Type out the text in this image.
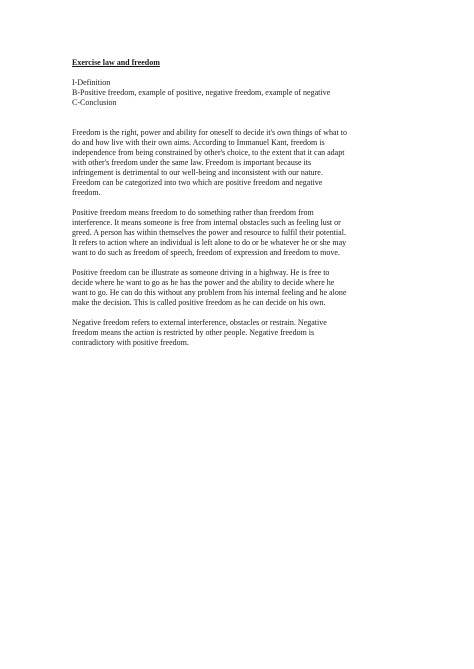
Exercise law and freedom
I-Definition
B-Positive freedom, example of positive, negative freedom, example of negative
C-Conclusion
Freedom is the right, power and ability for oneself to decide it's own things of what to
do and how live with their own aims. According to Immanuel Kant, freedom is
independence from being constrained by other's choice, to the extent that it can adapt
with other's freedom under the same law. Freedom is important because its
infringement is detrimental to our well-being and inconsistent with our nature.
Freedom can be categorized into two which are positive freedom and negative
freedom.
Positive freedom means freedom to do something rather than freedom from
interference. It means someone is free from internal obstacles such as feeling lust or
greed. A person has within themselves the power and resource to fulfil their potential.
It refers to action where an individual is left alone to do or be whatever he or she may
want to do such as freedom of speech, freedom of expression and freedom to move.
Positive freedom can be illustrate as someone driving in a highway. He is free to
decide where he want to go as he has the power and the ability to decide where he
want to go. He can do this without any problem from his internal feeling and he alone
make the decision. This is called positive freedom as he can decide on his own.
Negative freedom refers to external interference, obstacles or restrain. Negative
freedom means the action is restricted by other people. Negative freedom is
contradictory with positive freedom.
